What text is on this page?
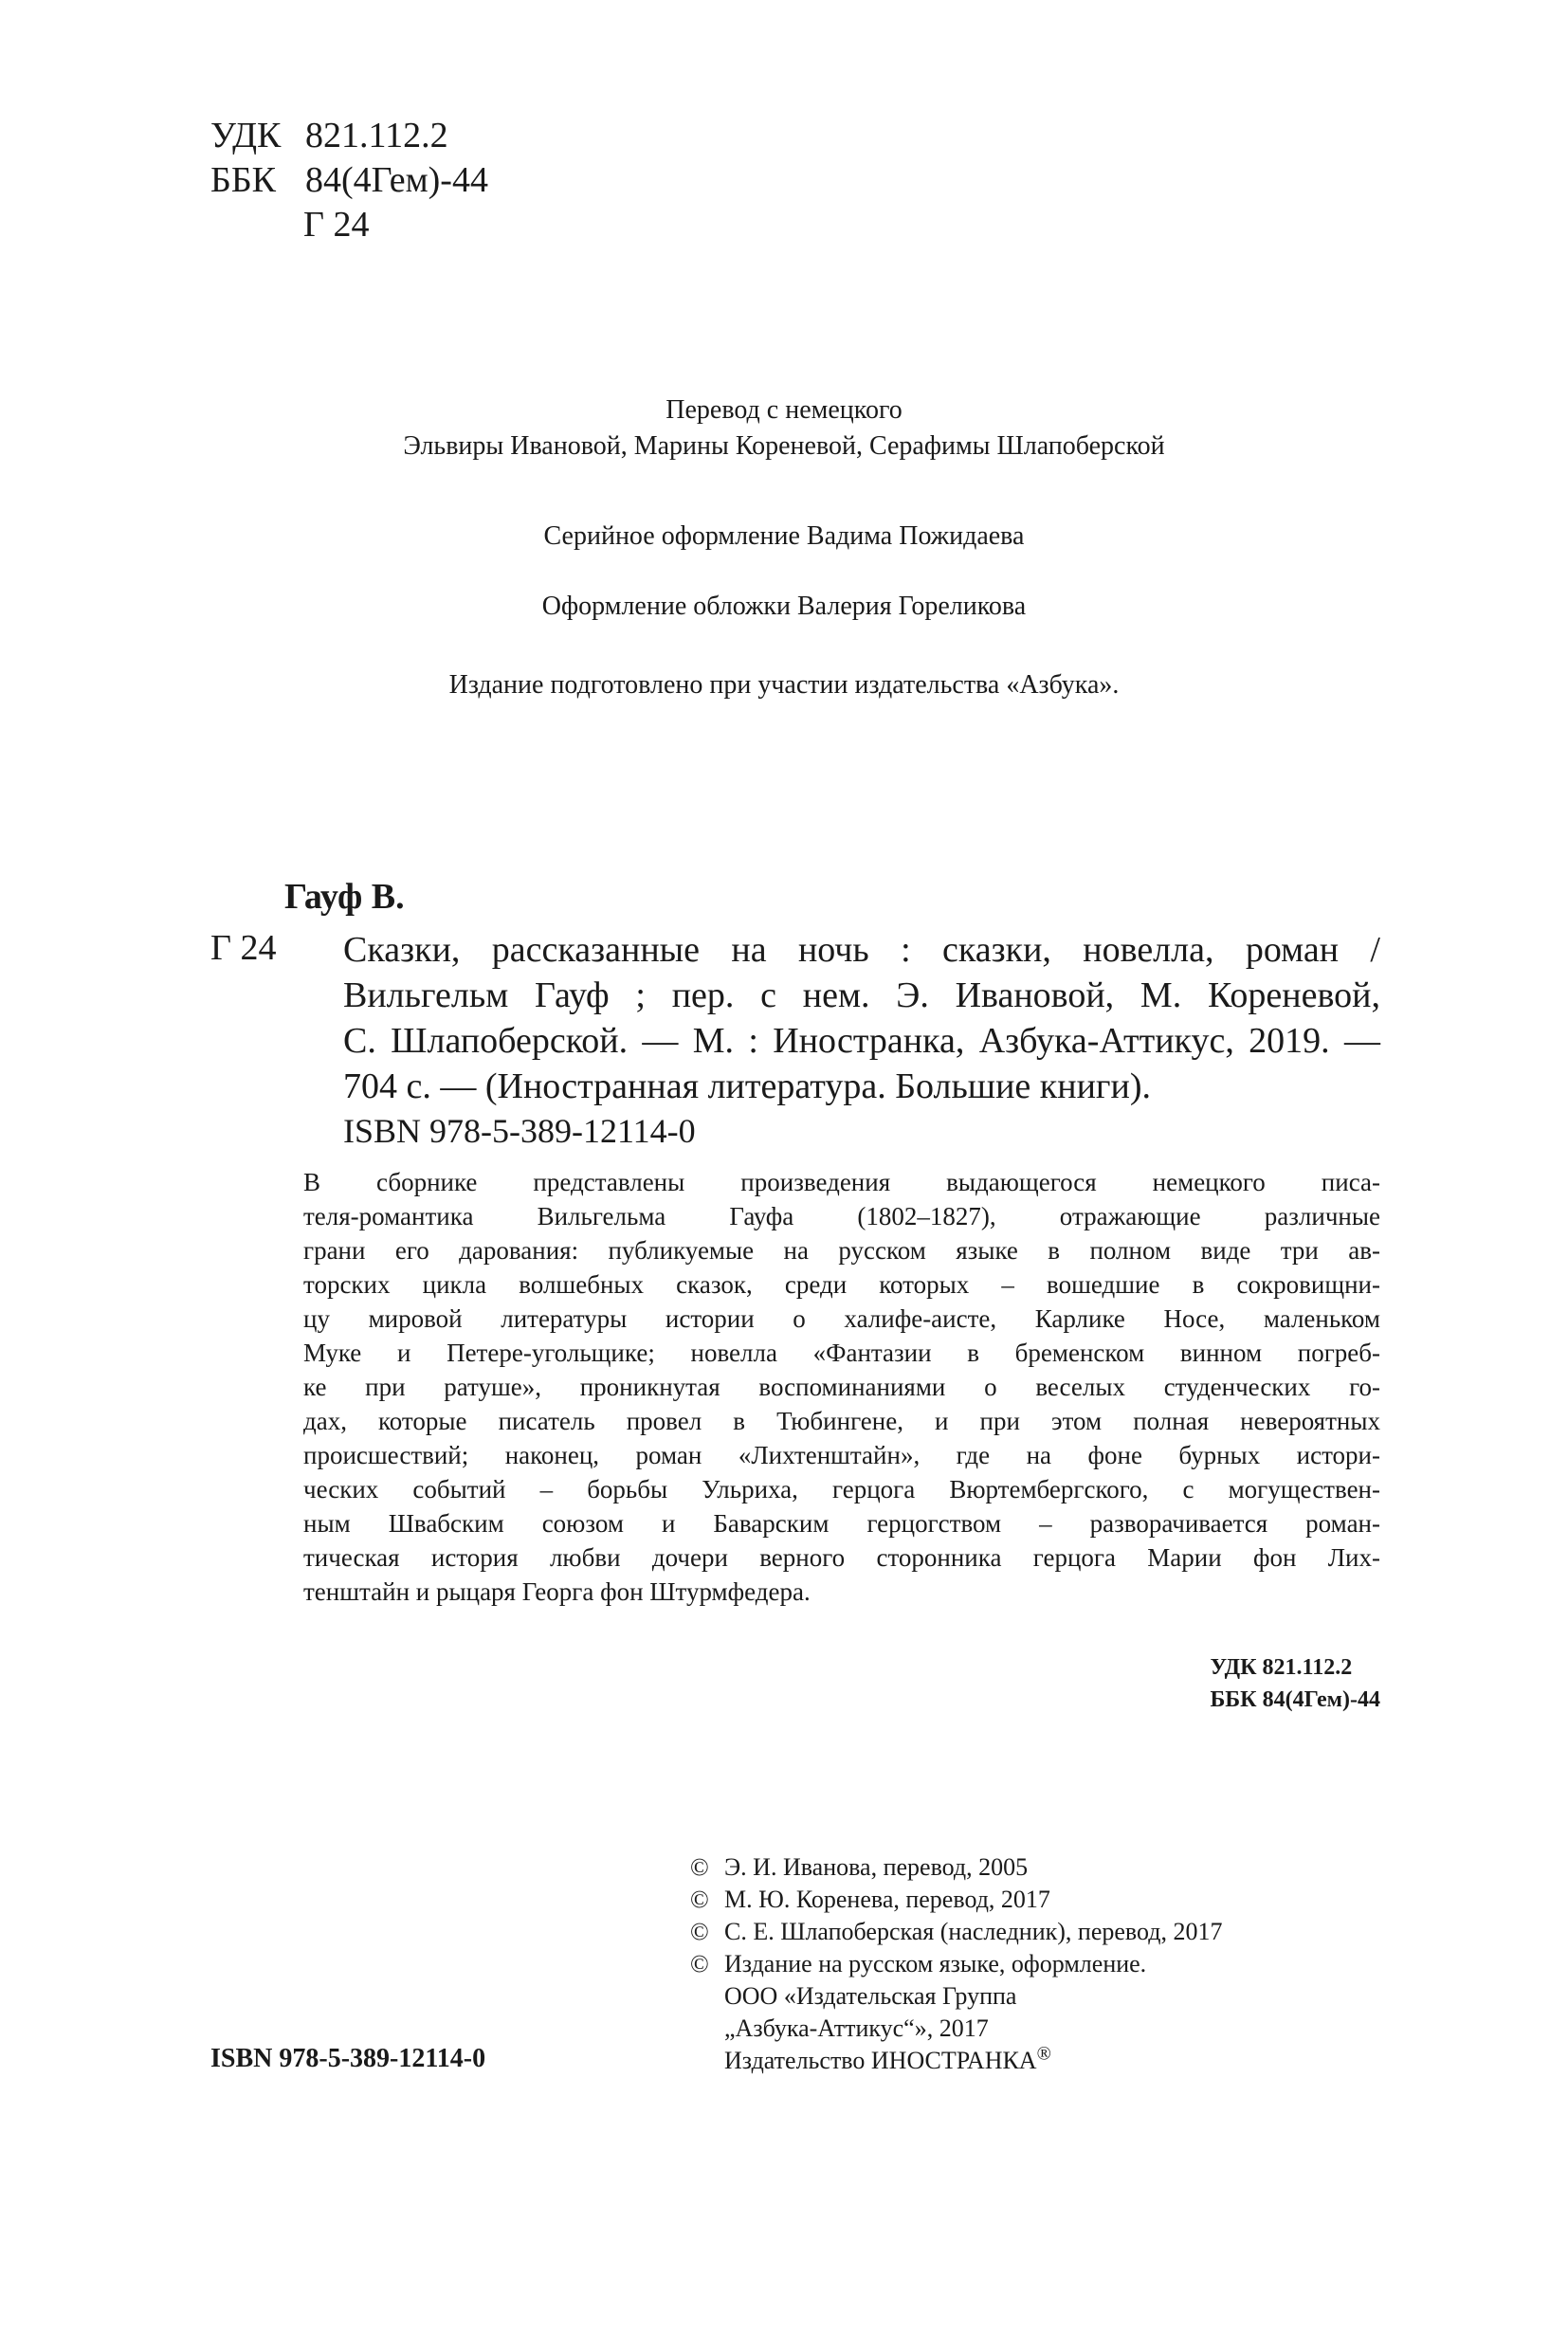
УДК 821.112.2
ББК 84(4Гем)-44
Г 24
Перевод с немецкого
Эльвиры Ивановой, Марины Кореневой, Серафимы Шлапоберской
Серийное оформление Вадима Пожидаева
Оформление обложки Валерия Гореликова
Издание подготовлено при участии издательства «Азбука».
Гауф В.
Г 24 Сказки, рассказанные на ночь : сказки, новелла, роман /
Вильгельм Гауф ; пер. с нем. Э. Ивановой, М. Кореневой,
С. Шлапоберской. — М. : Иностранка, Азбука-Аттикус, 2019. —
704 с. — (Иностранная литература. Большие книги).
ISBN 978-5-389-12114-0
В сборнике представлены произведения выдающегося немецкого писа-
теля-романтика Вильгельма Гауфа (1802–1827), отражающие различные
грани его дарования: публикуемые на русском языке в полном виде три ав-
торских цикла волшебных сказок, среди которых – вошедшие в сокровищни-
цу мировой литературы истории о халифе-аисте, Карлике Носе, маленьком
Муке и Петере-угольщике; новелла «Фантазии в бременском винном погреб-
ке при ратуше», проникнутая воспоминаниями о веселых студенческих го-
дах, которые писатель провел в Тюбингене, и при этом полная невероятных
происшествий; наконец, роман «Лихтенштайн», где на фоне бурных истори-
ческих событий – борьбы Ульриха, герцога Вюртембергского, с могуществен-
ным Швабским союзом и Баварским герцогством – разворачивается роман-
тическая история любви дочери верного сторонника герцога Марии фон Лих-
тенштайн и рыцаря Георга фон Штурмфедера.
УДК 821.112.2
ББК 84(4Гем)-44
© Э. И. Иванова, перевод, 2005
© М. Ю. Коренева, перевод, 2017
© С. Е. Шлапоберская (наследник), перевод, 2017
© Издание на русском языке, оформление.
ООО «Издательская Группа
„Азбука-Аттикус“», 2017
Издательство ИНОСТРАНКА®
ISBN 978-5-389-12114-0
